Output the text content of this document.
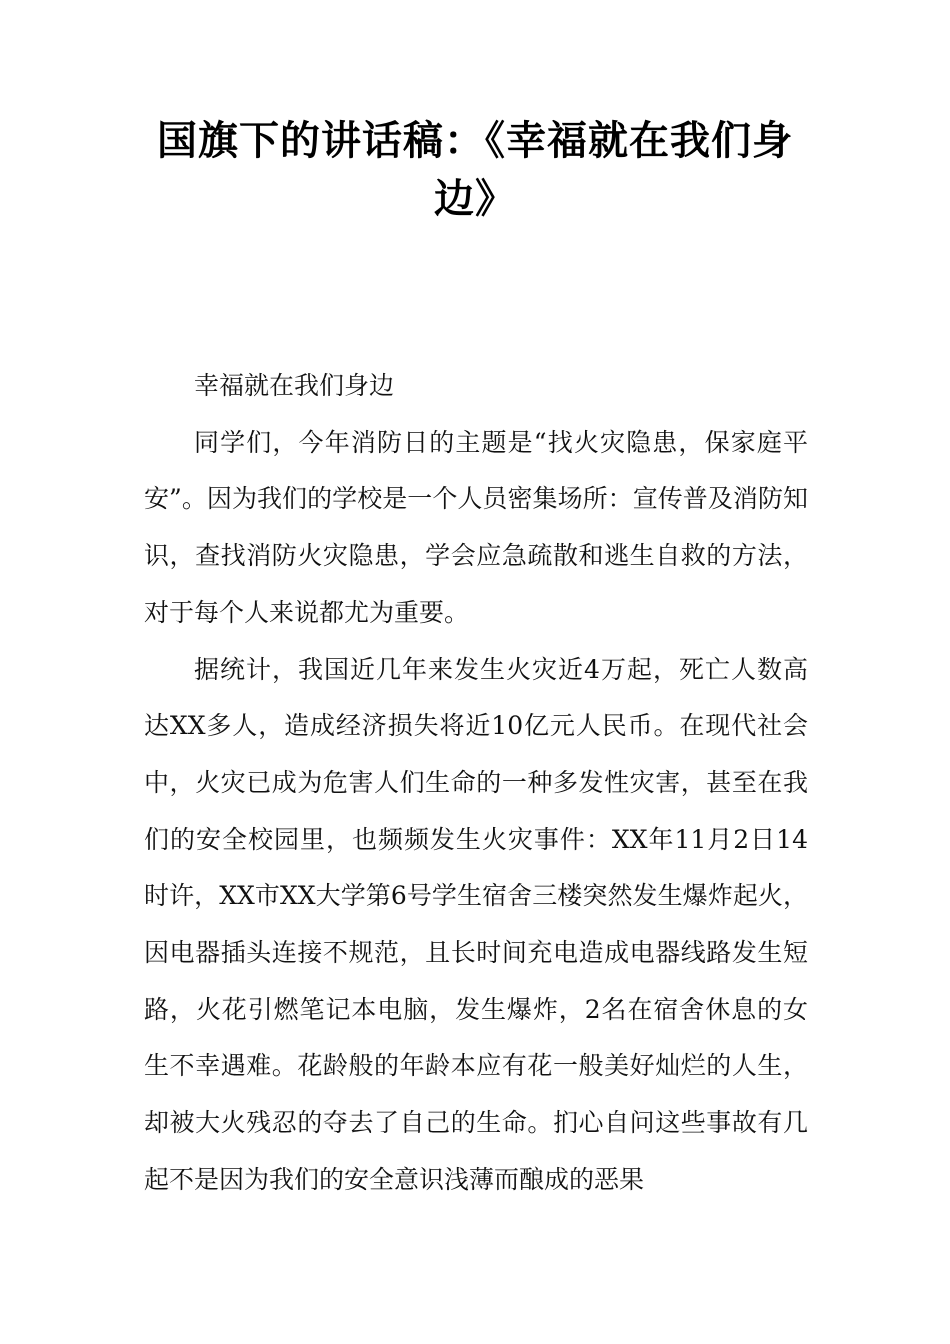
国旗下的讲话稿：《幸福就在我们身边》

幸福就在我们身边

同学们，今年消防日的主题是“找火灾隐患，保家庭平安”。因为我们的学校是一个人员密集场所：宣传普及消防知识，查找消防火灾隐患，学会应急疏散和逃生自救的方法，对于每个人来说都尤为重要。

据统计，我国近几年来发生火灾近4万起，死亡人数高达XX多人，造成经济损失将近10亿元人民币。在现代社会中，火灾已成为危害人们生命的一种多发性灾害，甚至在我们的安全校园里，也频频发生火灾事件：XX年11月2日14时许，XX市XX大学第6号学生宿舍三楼突然发生爆炸起火，因电器插头连接不规范，且长时间充电造成电器线路发生短路，火花引燃笔记本电脑，发生爆炸，2名在宿舍休息的女生不幸遇难。花龄般的年龄本应有花一般美好灿烂的人生，却被大火残忍的夺去了自己的生命。扪心自问这些事故有几起不是因为我们的安全意识浅薄而酿成的恶果
